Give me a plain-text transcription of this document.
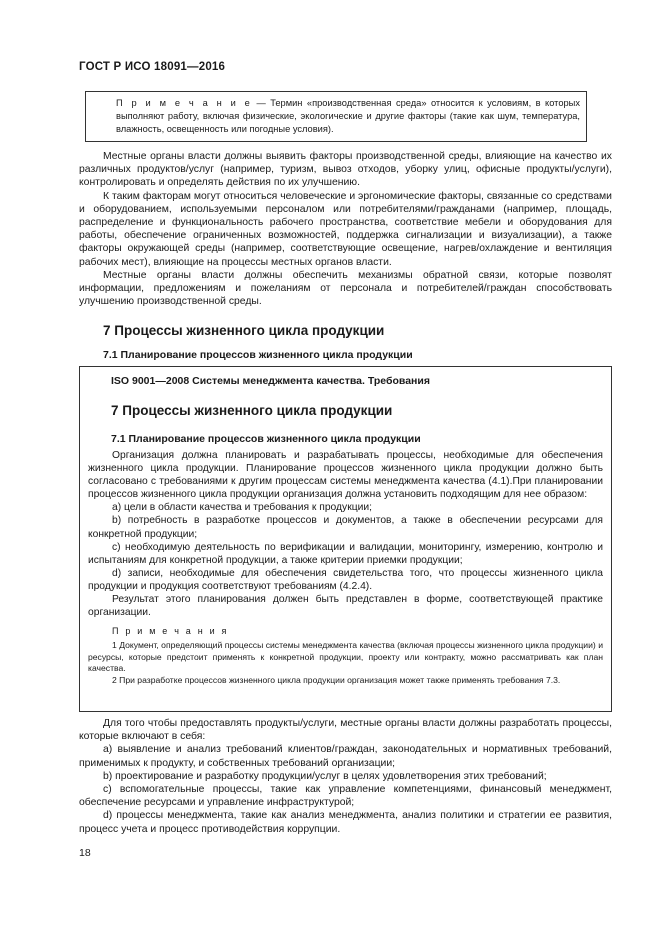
ГОСТ Р ИСО 18091—2016
П р и м е ч а н и е — Термин «производственная среда» относится к условиям, в которых выполняют работу, включая физические, экологические и другие факторы (такие как шум, температура, влажность, освещенность или погодные условия).

Местные органы власти должны выявить факторы производственной среды, влияющие на качество их различных продуктов/услуг (например, туризм, вывоз отходов, уборку улиц, офисные продукты/услуги), контролировать и определять действия по их улучшению.

К таким факторам могут относиться человеческие и эргономические факторы, связанные со средствами и оборудованием, используемыми персоналом или потребителями/гражданами (например, площадь, распределение и функциональность рабочего пространства, соответствие мебели и оборудования для работы, обеспечение ограниченных возможностей, поддержка сигнализации и визуализации), а также факторы окружающей среды (например, соответствующие освещение, нагрев/охлаждение и вентиляция рабочих мест), влияющие на процессы местных органов власти.

Местные органы власти должны обеспечить механизмы обратной связи, которые позволят информации, предложениям и пожеланиям от персонала и потребителей/граждан способствовать улучшению производственной среды.

7 Процессы жизненного цикла продукции
7.1 Планирование процессов жизненного цикла продукции
ISO 9001—2008 Системы менеджмента качества. Требования
7 Процессы жизненного цикла продукции
7.1 Планирование процессов жизненного цикла продукции

Организация должна планировать и разрабатывать процессы, необходимые для обеспечения жизненного цикла продукции. Планирование процессов жизненного цикла продукции должно быть согласовано с требованиями к другим процессам системы менеджмента качества (4.1).При планировании процессов жизненного цикла продукции организация должна установить подходящим для нее образом:

а) цели в области качества и требования к продукции;

b) потребность в разработке процессов и документов, а также в обеспечении ресурсами для конкретной продукции;

c) необходимую деятельность по верификации и валидации, мониторингу, измерению, контролю и испытаниям для конкретной продукции, а также критерии приемки продукции;

d) записи, необходимые для обеспечения свидетельства того, что процессы жизненного цикла продукции и продукция соответствуют требованиям (4.2.4).

Результат этого планирования должен быть представлен в форме, соответствующей практике организации.

П р и м е ч а н и я

1 Документ, определяющий процессы системы менеджмента качества (включая процессы жизненного цикла продукции) и ресурсы, которые предстоит применять к конкретной продукции, проекту или контракту, можно рассматривать как план качества.

2 При разработке процессов жизненного цикла продукции организация может также применять требования 7.3.

Для того чтобы предоставлять продукты/услуги, местные органы власти должны разработать процессы, которые включают в себя:

а) выявление и анализ требований клиентов/граждан, законодательных и нормативных требований, применимых к продукту, и собственных требований организации;

b) проектирование и разработку продукции/услуг в целях удовлетворения этих требований;

c) вспомогательные процессы, такие как управление компетенциями, финансовый менеджмент, обеспечение ресурсами и управление инфраструктурой;

d) процессы менеджмента, такие как анализ менеджмента, анализ политики и стратегии ее развития, процесс учета и процесс противодействия коррупции.

18
